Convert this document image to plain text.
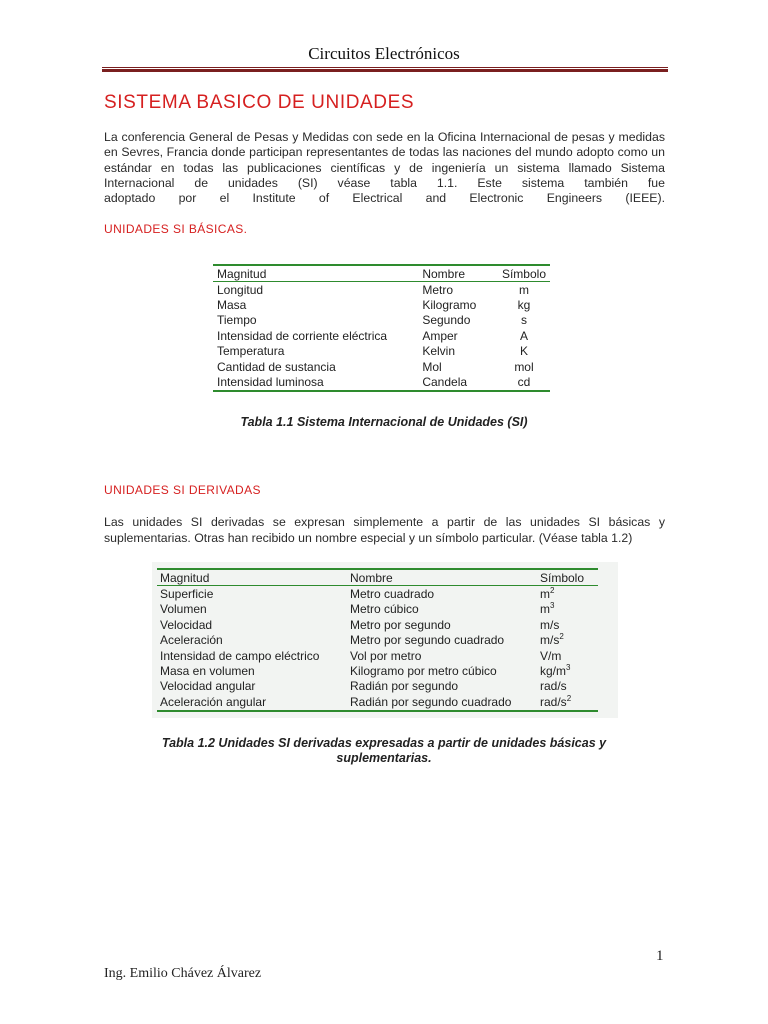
Circuitos Electrónicos
SISTEMA BASICO DE UNIDADES
La conferencia General de Pesas y Medidas con sede en la Oficina Internacional de pesas y medidas en Sevres, Francia donde participan representantes de todas las naciones del mundo adopto como un estándar en todas las publicaciones científicas y de ingeniería un sistema llamado Sistema Internacional de unidades (SI) véase tabla 1.1. Este sistema también fue
adoptado por el Institute of Electrical and Electronic Engineers (IEEE).
UNIDADES SI BÁSICAS.
Magnitud	Nombre	Símbolo
Longitud	Metro	m
Masa	Kilogramo	kg
Tiempo	Segundo	s
Intensidad de corriente eléctrica	Amper	A
Temperatura	Kelvin	K
Cantidad de sustancia	Mol	mol
Intensidad luminosa	Candela	cd
Tabla 1.1 Sistema Internacional de Unidades (SI)
UNIDADES SI DERIVADAS
Las unidades SI derivadas se expresan simplemente a partir de las unidades SI básicas y suplementarias. Otras han recibido un nombre especial y un símbolo particular. (Véase tabla 1.2)
Magnitud	Nombre	Símbolo
Superficie	Metro cuadrado	$m^2$
Volumen	Metro cúbico	$m^3$
Velocidad	Metro por segundo	m/s
Aceleración	Metro por segundo cuadrado	$m/s^2$
Intensidad de campo eléctrico	Vol por metro	V/m
Masa en volumen	Kilogramo por metro cúbico	$kg/m^3$
Velocidad angular	Radián por segundo	rad/s
Aceleración angular	Radián por segundo cuadrado	rad/$s^2$
Tabla 1.2 Unidades SI derivadas expresadas a partir de unidades básicas y
suplementarias.
1
Ing. Emilio Chávez Álvarez
